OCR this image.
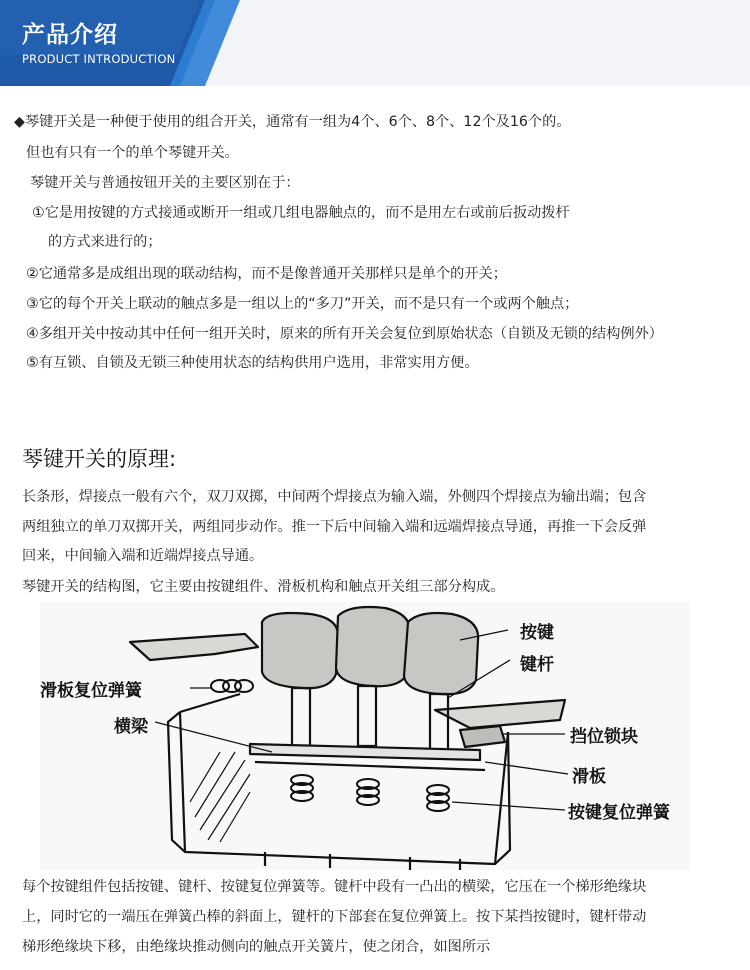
产品介绍
PRODUCT INTRODUCTION
◆琴键开关是一种便于使用的组合开关，通常有一组为4个、6个、8个、12个及16个的。
但也有只有一个的单个琴键开关。
琴键开关与普通按钮开关的主要区别在于：
①它是用按键的方式接通或断开一组或几组电器触点的，而不是用左右或前后扳动拨杆
的方式来进行的；
②它通常多是成组出现的联动结构，而不是像普通开关那样只是单个的开关；
③它的每个开关上联动的触点多是一组以上的“多刀”开关，而不是只有一个或两个触点；
④多组开关中按动其中任何一组开关时，原来的所有开关会复位到原始状态（自锁及无锁的结构例外）
⑤有互锁、自锁及无锁三种使用状态的结构供用户选用，非常实用方便。
琴键开关的原理:
长条形，焊接点一般有六个，双刀双掷，中间两个焊接点为输入端，外侧四个焊接点为输出端；包含
两组独立的单刀双掷开关，两组同步动作。推一下后中间输入端和远端焊接点导通，再推一下会反弹
回来，中间输入端和近端焊接点导通。
琴键开关的结构图，它主要由按键组件、滑板机构和触点开关组三部分构成。
按键
键杆
滑板复位弹簧
横梁	挡位锁块
滑板
按键复位弹簧
每个按键组件包括按键、键杆、按键复位弹簧等。键杆中段有一凸出的横梁，它压在一个梯形绝缘块
上，同时它的一端压在弹簧凸棒的斜面上，键杆的下部套在复位弹簧上。按下某挡按键时，键杆带动
梯形绝缘块下移，由绝缘块推动侧向的触点开关簧片，使之闭合，如图所示
